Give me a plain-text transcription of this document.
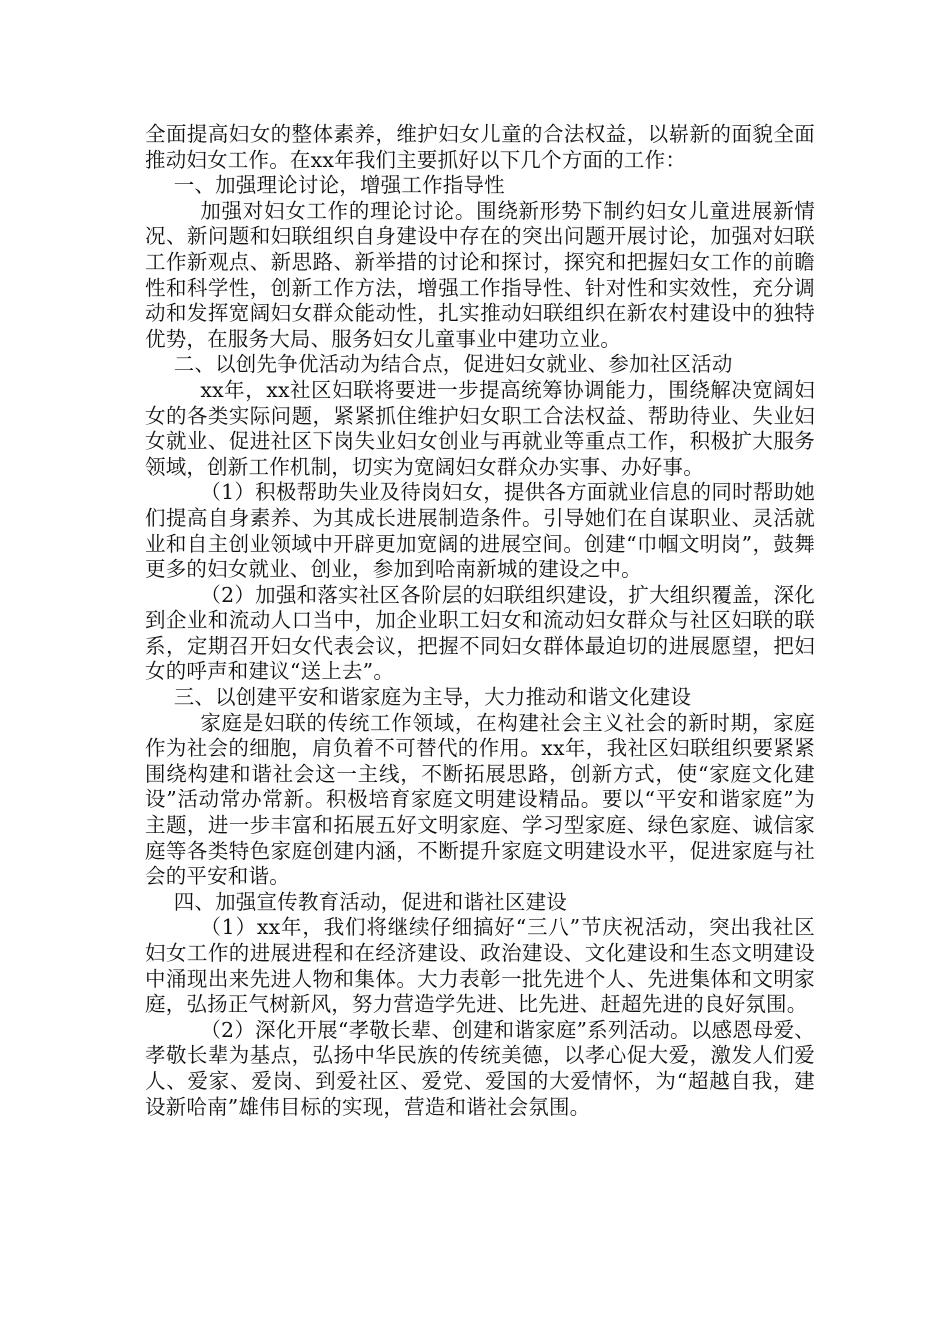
全面提高妇女的整体素养，维护妇女儿童的合法权益，以崭新的面貌全面推动妇女工作。在xx年我们主要抓好以下几个方面的工作：

一、加强理论讨论，增强工作指导性

加强对妇女工作的理论讨论。围绕新形势下制约妇女儿童进展新情况、新问题和妇联组织自身建设中存在的突出问题开展讨论，加强对妇联工作新观点、新思路、新举措的讨论和探讨，探究和把握妇女工作的前瞻性和科学性，创新工作方法，增强工作指导性、针对性和实效性，充分调动和发挥宽阔妇女群众能动性，扎实推动妇联组织在新农村建设中的独特优势，在服务大局、服务妇女儿童事业中建功立业。

二、以创先争优活动为结合点，促进妇女就业、参加社区活动

xx年，xx社区妇联将要进一步提高统筹协调能力，围绕解决宽阔妇女的各类实际问题，紧紧抓住维护妇女职工合法权益、帮助待业、失业妇女就业、促进社区下岗失业妇女创业与再就业等重点工作，积极扩大服务领域，创新工作机制，切实为宽阔妇女群众办实事、办好事。

（1）积极帮助失业及待岗妇女，提供各方面就业信息的同时帮助她们提高自身素养、为其成长进展制造条件。引导她们在自谋职业、灵活就业和自主创业领域中开辟更加宽阔的进展空间。创建“巾帼文明岗”，鼓舞更多的妇女就业、创业，参加到哈南新城的建设之中。

（2）加强和落实社区各阶层的妇联组织建设，扩大组织覆盖，深化到企业和流动人口当中，加企业职工妇女和流动妇女群众与社区妇联的联系，定期召开妇女代表会议，把握不同妇女群体最迫切的进展愿望，把妇女的呼声和建议“送上去”。

三、以创建平安和谐家庭为主导，大力推动和谐文化建设

家庭是妇联的传统工作领域，在构建社会主义社会的新时期，家庭作为社会的细胞，肩负着不可替代的作用。xx年，我社区妇联组织要紧紧围绕构建和谐社会这一主线，不断拓展思路，创新方式，使“家庭文化建设”活动常办常新。积极培育家庭文明建设精品。要以“平安和谐家庭”为主题，进一步丰富和拓展五好文明家庭、学习型家庭、绿色家庭、诚信家庭等各类特色家庭创建内涵，不断提升家庭文明建设水平，促进家庭与社会的平安和谐。

四、加强宣传教育活动，促进和谐社区建设

（1）xx年，我们将继续仔细搞好“三八”节庆祝活动，突出我社区妇女工作的进展进程和在经济建设、政治建设、文化建设和生态文明建设中涌现出来先进人物和集体。大力表彰一批先进个人、先进集体和文明家庭，弘扬正气树新风，努力营造学先进、比先进、赶超先进的良好氛围。

（2）深化开展“孝敬长辈、创建和谐家庭”系列活动。以感恩母爱、孝敬长辈为基点，弘扬中华民族的传统美德，以孝心促大爱，激发人们爱人、爱家、爱岗、到爱社区、爱党、爱国的大爱情怀，为“超越自我，建设新哈南”雄伟目标的实现，营造和谐社会氛围。
